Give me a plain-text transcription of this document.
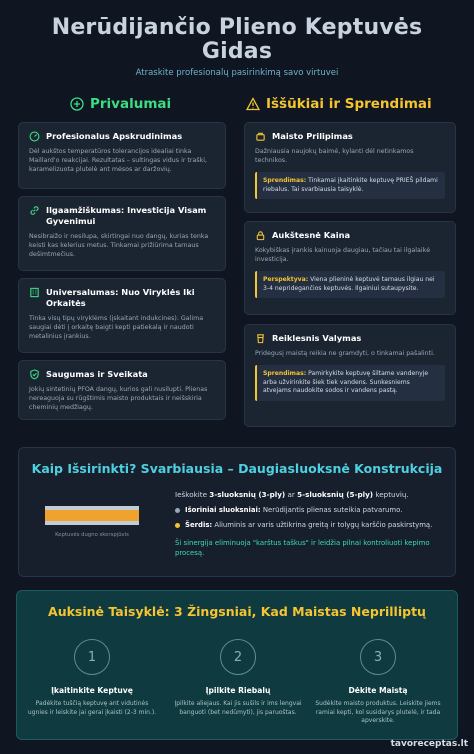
Nerūdijančio Plieno Keptuvės
Gidas
Atraskite profesionalų pasirinkimą savo virtuvei
Privalumai	Iššūkiai ir Sprendimai
Profesionalus Apskrudinimas
Dėl aukštos temperatūros tolerancijos idealiai tinka Maillard'o reakcijai. Rezultatas – sultingas vidus ir traški, karamelizuota plutelė ant mėsos ar daržovių.
Ilgaamžiškumas: Investicija Visam Gyvenimui
Nesibraižo ir nesilupa, skirtingai nuo dangų, kurias tenka keisti kas kelerius metus. Tinkamai prižiūrima tarnaus dešimtmečius.
Universalumas: Nuo Viryklės Iki Orkaitės
Tinka visų tipų viryklėms (įskaitant indukcines). Galima saugiai dėti į orkaitę baigti kepti patiekalą ir naudoti metalinius įrankius.
Saugumas ir Sveikata
Jokių sintetinių PFOA dangų, kurios gali nusilupti. Plienas nereaguoja su rūgštimis maisto produktais ir neišskiria cheminių medžiagų.
Maisto Prilipimas
Dažniausia naujokų baimė, kylanti dėl netinkamos technikos.
Sprendimas: Tinkamai įkaitinkite keptuvę PRIEŠ pildami riebalus. Tai svarbiausia taisyklė.
Aukštesnė Kaina
Kokybiškas įrankis kainuoja daugiau, tačiau tai ilgalaikė investicija.
Perspektyva: Viena plieninė keptuvė tarnaus ilgiau nei 3-4 nepridegančios keptuvės. Ilgainiui sutaupysite.
Reiklesnis Valymas
Pridegusį maistą reikia ne gramdyti, o tinkamai pašalinti.
Sprendimas: Pamirkykite keptuvę šiltame vandenyje arba užvirinkite šiek tiek vandens. Sunkesniems atvejams naudokite sodos ir vandens pastą.
Kaip Išsirinkti? Svarbiausia – Daugiasluoksnė Konstrukcija
Keptuvės dugno skerspjūvis
Ieškokite 3-sluoksnių (3-ply) ar 5-sluoksnių (5-ply) keptuvių.
Išoriniai sluoksniai: Nerūdijantis plienas suteikia patvarumo.
Šerdis: Aliuminis ar varis užtikrina greitą ir tolygų karščio paskirstymą.
Ši sinergija eliminuoja "karštus taškus" ir leidžia pilnai kontroliuoti kepimo procesą.
Auksinė Taisyklė: 3 Žingsniai, Kad Maistas Neprilliptų
1
Įkaitinkite Keptuvę
Padėkite tuščią keptuvę ant vidutinės ugnies ir leiskite jai gerai įkaisti (2-3 min.).
2
Įpilkite Riebalų
Įpilkite aliejaus. Kai jis sušils ir ims lengvai banguoti (bet nedūmyti), jis paruoštas.
3
Dėkite Maistą
Sudėkite maisto produktus. Leiskite jiems ramiai kepti, kol susidarys plutelė, ir tada apverskite.
tavoreceptas.lt
